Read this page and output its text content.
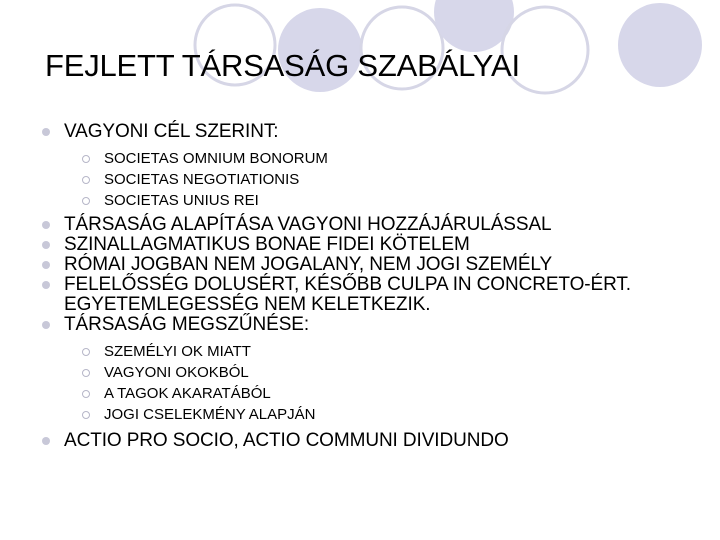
FEJLETT TÁRSASÁG SZABÁLYAI
VAGYONI CÉL SZERINT:
SOCIETAS OMNIUM BONORUM
SOCIETAS NEGOTIATIONIS
SOCIETAS UNIUS REI
TÁRSASÁG ALAPÍTÁSA VAGYONI HOZZÁJÁRULÁSSAL
SZINALLAGMATIKUS BONAE FIDEI KÖTELEM
RÓMAI JOGBAN NEM JOGALANY, NEM JOGI SZEMÉLY
FELELŐSSÉG DOLUSÉRT, KÉSŐBB CULPA IN CONCRETO-ÉRT. EGYETEMLEGESSÉG NEM KELETKEZIK.
TÁRSASÁG MEGSZŰNÉSE:
SZEMÉLYI OK MIATT
VAGYONI OKOKBÓL
A TAGOK AKARATÁBÓL
JOGI CSELEKMÉNY ALAPJÁN
ACTIO PRO SOCIO, ACTIO COMMUNI DIVIDUNDO
